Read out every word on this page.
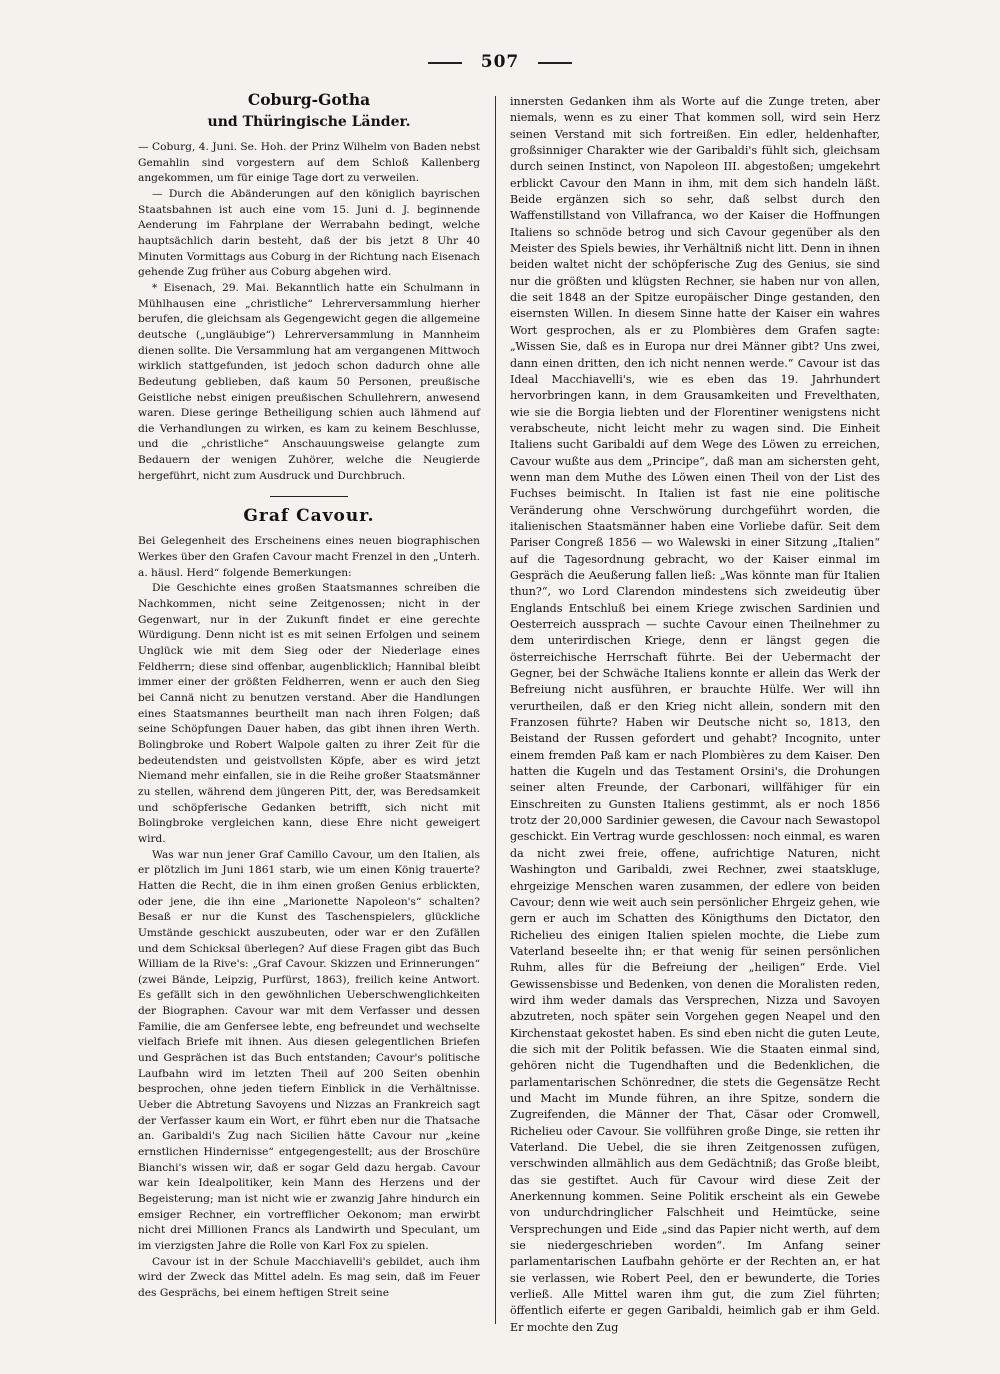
507
Coburg-Gotha
und Thüringische Länder.

— Coburg, 4. Juni. Se. Hoh. der Prinz Wilhelm von Baden nebst Gemahlin sind vorgestern auf dem Schloß Kallenberg angekommen, um für einige Tage dort zu verweilen.

— Durch die Abänderungen auf den königlich bayrischen Staatsbahnen ist auch eine vom 15. Juni d. J. beginnende Aenderung im Fahrplane der Werrabahn bedingt, welche hauptsächlich darin besteht, daß der bis jetzt 8 Uhr 40 Minuten Vormittags aus Coburg in der Richtung nach Eisenach gehende Zug früher aus Coburg abgehen wird.

* Eisenach, 29. Mai. Bekanntlich hatte ein Schulmann in Mühlhausen eine „christliche“ Lehrerversammlung hierher berufen, die gleichsam als Gegengewicht gegen die allgemeine deutsche („ungläubige“) Lehrerversammlung in Mannheim dienen sollte. Die Versammlung hat am vergangenen Mittwoch wirklich stattgefunden, ist jedoch schon dadurch ohne alle Bedeutung geblieben, daß kaum 50 Personen, preußische Geistliche nebst einigen preußischen Schullehrern, anwesend waren. Diese geringe Betheiligung schien auch lähmend auf die Verhandlungen zu wirken, es kam zu keinem Beschlusse, und die „christliche“ Anschauungsweise gelangte zum Bedauern der wenigen Zuhörer, welche die Neugierde hergeführt, nicht zum Ausdruck und Durchbruch.

Graf Cavour.

Bei Gelegenheit des Erscheinens eines neuen biographischen Werkes über den Grafen Cavour macht Frenzel in den „Unterh. a. häusl. Herd“ folgende Bemerkungen:

Die Geschichte eines großen Staatsmannes schreiben die Nachkommen, nicht seine Zeitgenossen; nicht in der Gegenwart, nur in der Zukunft findet er eine gerechte Würdigung. Denn nicht ist es mit seinen Erfolgen und seinem Unglück wie mit dem Sieg oder der Niederlage eines Feldherrn; diese sind offenbar, augenblicklich; Hannibal bleibt immer einer der größten Feldherren, wenn er auch den Sieg bei Cannä nicht zu benutzen verstand. Aber die Handlungen eines Staatsmannes beurtheilt man nach ihren Folgen; daß seine Schöpfungen Dauer haben, das gibt ihnen ihren Werth. Bolingbroke und Robert Walpole galten zu ihrer Zeit für die bedeutendsten und geistvollsten Köpfe, aber es wird jetzt Niemand mehr einfallen, sie in die Reihe großer Staatsmänner zu stellen, während dem jüngeren Pitt, der, was Beredsamkeit und schöpferische Gedanken betrifft, sich nicht mit Bolingbroke vergleichen kann, diese Ehre nicht geweigert wird.

Was war nun jener Graf Camillo Cavour, um den Italien, als er plötzlich im Juni 1861 starb, wie um einen König trauerte? Hatten die Recht, die in ihm einen großen Genius erblickten, oder jene, die ihn eine „Marionette Napoleon's“ schalten? Besaß er nur die Kunst des Taschenspielers, glückliche Umstände geschickt auszubeuten, oder war er den Zufällen und dem Schicksal überlegen? Auf diese Fragen gibt das Buch William de la Rive's: „Graf Cavour. Skizzen und Erinnerungen“ (zwei Bände, Leipzig, Purfürst, 1863), freilich keine Antwort. Es gefällt sich in den gewöhnlichen Ueberschwenglichkeiten der Biographen. Cavour war mit dem Verfasser und dessen Familie, die am Genfersee lebte, eng befreundet und wechselte vielfach Briefe mit ihnen. Aus diesen gelegentlichen Briefen und Gesprächen ist das Buch entstanden; Cavour's politische Laufbahn wird im letzten Theil auf 200 Seiten obenhin besprochen, ohne jeden tiefern Einblick in die Verhältnisse. Ueber die Abtretung Savoyens und Nizzas an Frankreich sagt der Verfasser kaum ein Wort, er führt eben nur die Thatsache an. Garibaldi's Zug nach Sicilien hätte Cavour nur „keine ernstlichen Hindernisse“ entgegengestellt; aus der Broschüre Bianchi's wissen wir, daß er sogar Geld dazu hergab. Cavour war kein Idealpolitiker, kein Mann des Herzens und der Begeisterung; man ist nicht wie er zwanzig Jahre hindurch ein emsiger Rechner, ein vortrefflicher Oekonom; man erwirbt nicht drei Millionen Francs als Landwirth und Speculant, um im vierzigsten Jahre die Rolle von Karl Fox zu spielen.

Cavour ist in der Schule Macchiavelli's gebildet, auch ihm wird der Zweck das Mittel adeln. Es mag sein, daß im Feuer des Gesprächs, bei einem heftigen Streit seine

innersten Gedanken ihm als Worte auf die Zunge treten, aber niemals, wenn es zu einer That kommen soll, wird sein Herz seinen Verstand mit sich fortreißen. Ein edler, heldenhafter, großsinniger Charakter wie der Garibaldi's fühlt sich, gleichsam durch seinen Instinct, von Napoleon III. abgestoßen; umgekehrt erblickt Cavour den Mann in ihm, mit dem sich handeln läßt. Beide ergänzen sich so sehr, daß selbst durch den Waffenstillstand von Villafranca, wo der Kaiser die Hoffnungen Italiens so schnöde betrog und sich Cavour gegenüber als den Meister des Spiels bewies, ihr Verhältniß nicht litt. Denn in ihnen beiden waltet nicht der schöpferische Zug des Genius, sie sind nur die größten und klügsten Rechner, sie haben nur von allen, die seit 1848 an der Spitze europäischer Dinge gestanden, den eisernsten Willen. In diesem Sinne hatte der Kaiser ein wahres Wort gesprochen, als er zu Plombières dem Grafen sagte: „Wissen Sie, daß es in Europa nur drei Männer gibt? Uns zwei, dann einen dritten, den ich nicht nennen werde.“ Cavour ist das Ideal Macchiavelli's, wie es eben das 19. Jahrhundert hervorbringen kann, in dem Grausamkeiten und Frevelthaten, wie sie die Borgia liebten und der Florentiner wenigstens nicht verabscheute, nicht leicht mehr zu wagen sind. Die Einheit Italiens sucht Garibaldi auf dem Wege des Löwen zu erreichen, Cavour wußte aus dem „Principe“, daß man am sichersten geht, wenn man dem Muthe des Löwen einen Theil von der List des Fuchses beimischt. In Italien ist fast nie eine politische Veränderung ohne Verschwörung durchgeführt worden, die italienischen Staatsmänner haben eine Vorliebe dafür. Seit dem Pariser Congreß 1856 — wo Walewski in einer Sitzung „Italien“ auf die Tagesordnung gebracht, wo der Kaiser einmal im Gespräch die Aeußerung fallen ließ: „Was könnte man für Italien thun?“, wo Lord Clarendon mindestens sich zweideutig über Englands Entschluß bei einem Kriege zwischen Sardinien und Oesterreich aussprach — suchte Cavour einen Theilnehmer zu dem unterirdischen Kriege, denn er längst gegen die österreichische Herrschaft führte. Bei der Uebermacht der Gegner, bei der Schwäche Italiens konnte er allein das Werk der Befreiung nicht ausführen, er brauchte Hülfe. Wer will ihn verurtheilen, daß er den Krieg nicht allein, sondern mit den Franzosen führte? Haben wir Deutsche nicht so, 1813, den Beistand der Russen gefordert und gehabt? Incognito, unter einem fremden Paß kam er nach Plombières zu dem Kaiser. Den hatten die Kugeln und das Testament Orsini's, die Drohungen seiner alten Freunde, der Carbonari, willfähiger für ein Einschreiten zu Gunsten Italiens gestimmt, als er noch 1856 trotz der 20,000 Sardinier gewesen, die Cavour nach Sewastopol geschickt. Ein Vertrag wurde geschlossen: noch einmal, es waren da nicht zwei freie, offene, aufrichtige Naturen, nicht Washington und Garibaldi, zwei Rechner, zwei staatskluge, ehrgeizige Menschen waren zusammen, der edlere von beiden Cavour; denn wie weit auch sein persönlicher Ehrgeiz gehen, wie gern er auch im Schatten des Königthums den Dictator, den Richelieu des einigen Italien spielen mochte, die Liebe zum Vaterland beseelte ihn; er that wenig für seinen persönlichen Ruhm, alles für die Befreiung der „heiligen“ Erde. Viel Gewissensbisse und Bedenken, von denen die Moralisten reden, wird ihm weder damals das Versprechen, Nizza und Savoyen abzutreten, noch später sein Vorgehen gegen Neapel und den Kirchenstaat gekostet haben. Es sind eben nicht die guten Leute, die sich mit der Politik befassen. Wie die Staaten einmal sind, gehören nicht die Tugendhaften und die Bedenklichen, die parlamentarischen Schönredner, die stets die Gegensätze Recht und Macht im Munde führen, an ihre Spitze, sondern die Zugreifenden, die Männer der That, Cäsar oder Cromwell, Richelieu oder Cavour. Sie vollführen große Dinge, sie retten ihr Vaterland. Die Uebel, die sie ihren Zeitgenossen zufügen, verschwinden allmählich aus dem Gedächtniß; das Große bleibt, das sie gestiftet. Auch für Cavour wird diese Zeit der Anerkennung kommen. Seine Politik erscheint als ein Gewebe von undurchdringlicher Falschheit und Heimtücke, seine Versprechungen und Eide „sind das Papier nicht werth, auf dem sie niedergeschrieben worden“. Im Anfang seiner parlamentarischen Laufbahn gehörte er der Rechten an, er hat sie verlassen, wie Robert Peel, den er bewunderte, die Tories verließ. Alle Mittel waren ihm gut, die zum Ziel führten; öffentlich eiferte er gegen Garibaldi, heimlich gab er ihm Geld. Er mochte den Zug
